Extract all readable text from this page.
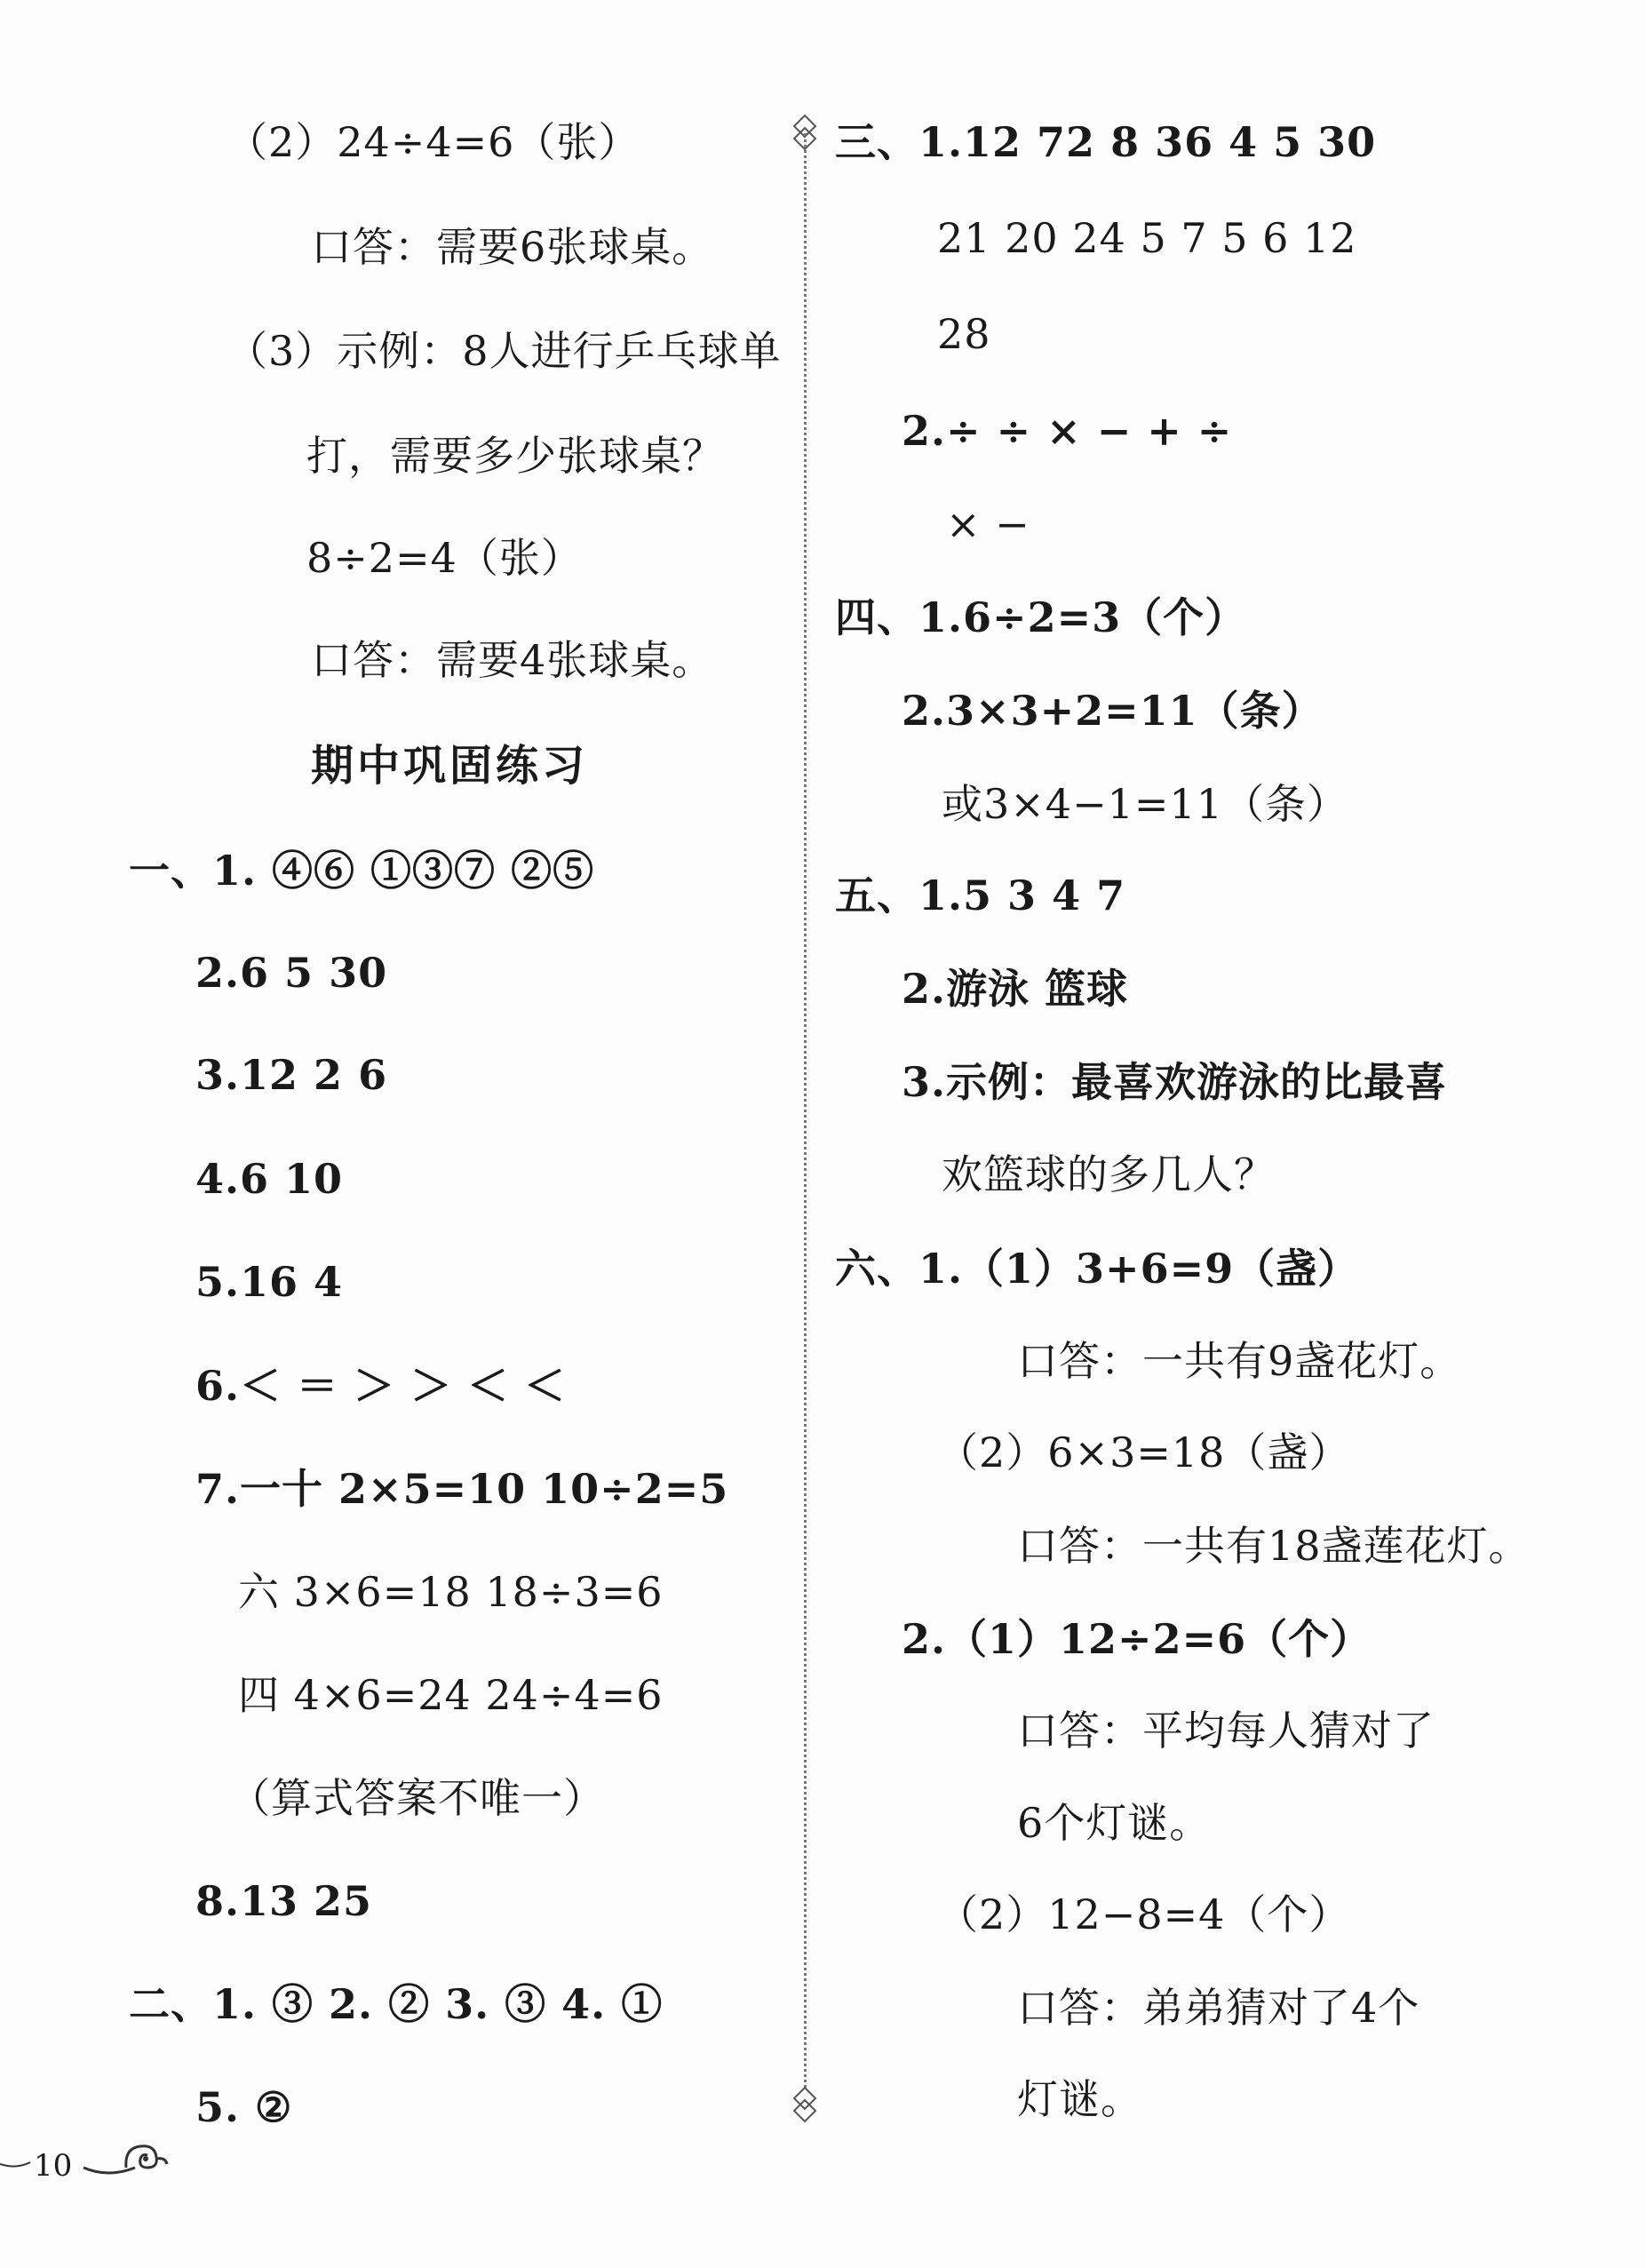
（2）24÷4=6（张）
口答：需要6张球桌。
（3）示例：8人进行乒乓球单
打，需要多少张球桌？
8÷2=4（张）
口答：需要4张球桌。
期中巩固练习
一、1. ④⑥ ①③⑦ ②⑤
2.6 5 30
3.12 2 6
4.6 10
5.16 4
6.＜ ＝ ＞ ＞ ＜ ＜
7.一十 2×5=10 10÷2=5
六 3×6=18 18÷3=6
四 4×6=24 24÷4=6
（算式答案不唯一）
8.13 25
二、1. ③ 2. ② 3. ③ 4. ①
5. ②
三、1.12 72 8 36 4 5 30
21 20 24 5 7 5 6 12
28
2.÷ ÷ × − + ÷
× −
四、1.6÷2=3（个）
2.3×3+2=11（条）
或3×4−1=11（条）
五、1.5 3 4 7
2.游泳 篮球
3.示例：最喜欢游泳的比最喜
欢篮球的多几人？
六、1.（1）3+6=9（盏）
口答：一共有9盏花灯。
（2）6×3=18（盏）
口答：一共有18盏莲花灯。
2.（1）12÷2=6（个）
口答：平均每人猜对了
6个灯谜。
（2）12−8=4（个）
口答：弟弟猜对了4个
灯谜。
10
